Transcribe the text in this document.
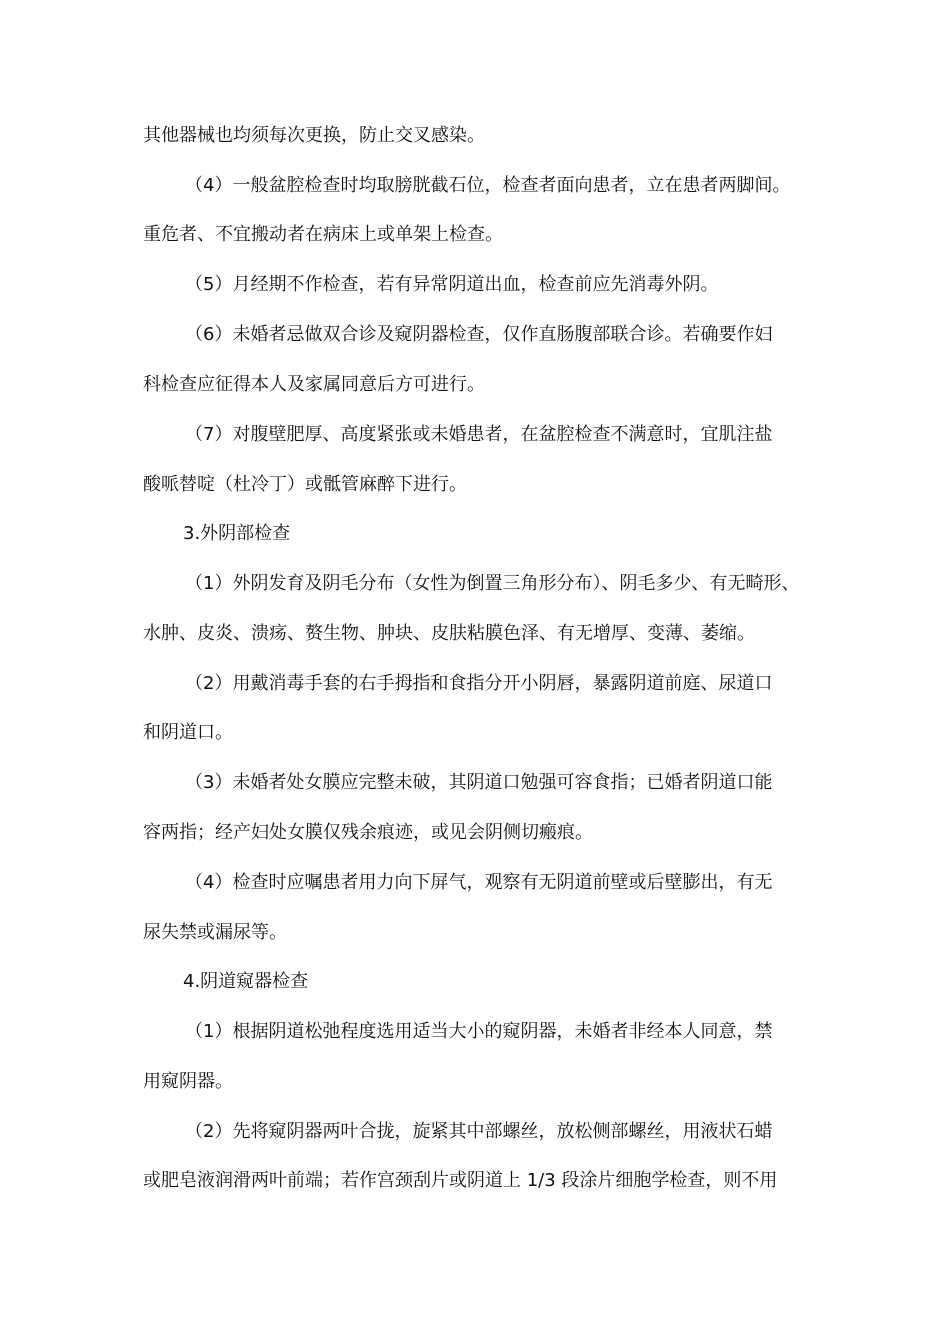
其他器械也均须每次更换，防止交叉感染。
（4）一般盆腔检查时均取膀胱截石位，检查者面向患者，立在患者两脚间。
重危者、不宜搬动者在病床上或单架上检查。
（5）月经期不作检查，若有异常阴道出血，检查前应先消毒外阴。
（6）未婚者忌做双合诊及窥阴器检查，仅作直肠腹部联合诊。若确要作妇
科检查应征得本人及家属同意后方可进行。
（7）对腹壁肥厚、高度紧张或未婚患者，在盆腔检查不满意时，宜肌注盐
酸哌替啶（杜冷丁）或骶管麻醉下进行。
3.外阴部检查
（1）外阴发育及阴毛分布（女性为倒置三角形分布）、阴毛多少、有无畸形、
水肿、皮炎、溃疡、赘生物、肿块、皮肤粘膜色泽、有无增厚、变薄、萎缩。
（2）用戴消毒手套的右手拇指和食指分开小阴唇，暴露阴道前庭、尿道口
和阴道口。
（3）未婚者处女膜应完整未破，其阴道口勉强可容食指；已婚者阴道口能
容两指；经产妇处女膜仅残余痕迹，或见会阴侧切瘢痕。
（4）检查时应嘱患者用力向下屏气，观察有无阴道前壁或后壁膨出，有无
尿失禁或漏尿等。
4.阴道窥器检查
（1）根据阴道松弛程度选用适当大小的窥阴器，未婚者非经本人同意，禁
用窥阴器。
（2）先将窥阴器两叶合拢，旋紧其中部螺丝，放松侧部螺丝，用液状石蜡
或肥皂液润滑两叶前端；若作宫颈刮片或阴道上 1/3 段涂片细胞学检查，则不用
